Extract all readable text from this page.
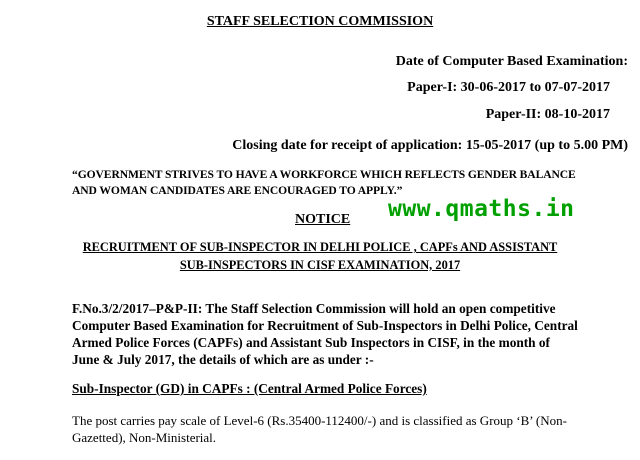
STAFF SELECTION COMMISSION
Date of Computer Based Examination:
Paper-I: 30-06-2017 to 07-07-2017
Paper-II: 08-10-2017
Closing date for receipt of application: 15-05-2017 (up to 5.00 PM)
“GOVERNMENT STRIVES TO HAVE A WORKFORCE WHICH REFLECTS GENDER BALANCE
AND WOMAN CANDIDATES ARE ENCOURAGED TO APPLY.”
NOTICE www.qmaths.in
RECRUITMENT OF SUB-INSPECTOR IN DELHI POLICE , CAPFs AND ASSISTANT
SUB-INSPECTORS IN CISF EXAMINATION, 2017
F.No.3/2/2017–P&P-II: The Staff Selection Commission will hold an open competitive
Computer Based Examination for Recruitment of Sub-Inspectors in Delhi Police, Central
Armed Police Forces (CAPFs) and Assistant Sub Inspectors in CISF, in the month of
June & July 2017, the details of which are as under :-
Sub-Inspector (GD) in CAPFs : (Central Armed Police Forces)
The post carries pay scale of Level-6 (Rs.35400-112400/-) and is classified as Group ‘B’ (Non-
Gazetted), Non-Ministerial.
